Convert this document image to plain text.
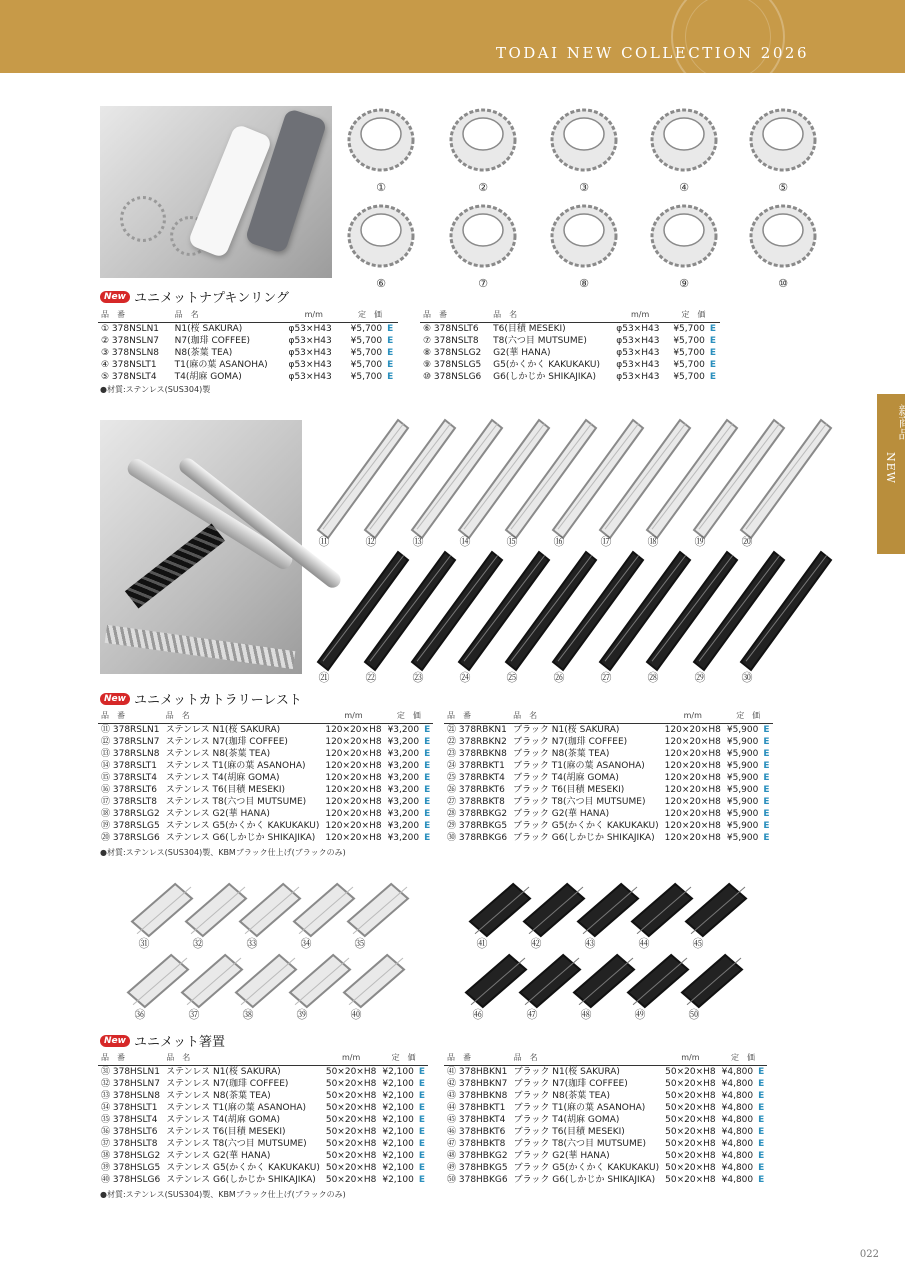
TODAI NEW COLLECTION 2026
新商品
NEW
①	②	③	④	⑤
⑥	⑦	⑧	⑨	⑩
New ユニメットナプキンリング
品　番	品　名	m/m	定　価	
① 378NSLN1	N1(桜 SAKURA)	φ53×H43	¥5,700	E
② 378NSLN7	N7(珈琲 COFFEE)	φ53×H43	¥5,700	E
③ 378NSLN8	N8(茶葉 TEA)	φ53×H43	¥5,700	E
④ 378NSLT1	T1(麻の葉 ASANOHA)	φ53×H43	¥5,700	E
⑤ 378NSLT4	T4(胡麻 GOMA)	φ53×H43	¥5,700	E
品　番	品　名	m/m	定　価	
⑥ 378NSLT6	T6(目積 MESEKI)	φ53×H43	¥5,700	E
⑦ 378NSLT8	T8(六つ目 MUTSUME)	φ53×H43	¥5,700	E
⑧ 378NSLG2	G2(華 HANA)	φ53×H43	¥5,700	E
⑨ 378NSLG5	G5(かくかく KAKUKAKU)	φ53×H43	¥5,700	E
⑩ 378NSLG6	G6(しかじか SHIKAJIKA)	φ53×H43	¥5,700	E
●材質:ステンレス(SUS304)製
⑪	⑫	⑬	⑭	⑮	⑯	⑰	⑱	⑲	⑳
㉑	㉒	㉓	㉔	㉕	㉖	㉗	㉘	㉙	㉚
New ユニメットカトラリーレスト
品　番	品　名	m/m	定　価	
⑪ 378RSLN1	ステンレス N1(桜 SAKURA)	120×20×H8	¥3,200	E
⑫ 378RSLN7	ステンレス N7(珈琲 COFFEE)	120×20×H8	¥3,200	E
⑬ 378RSLN8	ステンレス N8(茶葉 TEA)	120×20×H8	¥3,200	E
⑭ 378RSLT1	ステンレス T1(麻の葉 ASANOHA)	120×20×H8	¥3,200	E
⑮ 378RSLT4	ステンレス T4(胡麻 GOMA)	120×20×H8	¥3,200	E
⑯ 378RSLT6	ステンレス T6(目積 MESEKI)	120×20×H8	¥3,200	E
⑰ 378RSLT8	ステンレス T8(六つ目 MUTSUME)	120×20×H8	¥3,200	E
⑱ 378RSLG2	ステンレス G2(華 HANA)	120×20×H8	¥3,200	E
⑲ 378RSLG5	ステンレス G5(かくかく KAKUKAKU)	120×20×H8	¥3,200	E
⑳ 378RSLG6	ステンレス G6(しかじか SHIKAJIKA)	120×20×H8	¥3,200	E
品　番	品　名	m/m	定　価	
㉑ 378RBKN1	ブラック N1(桜 SAKURA)	120×20×H8	¥5,900	E
㉒ 378RBKN2	ブラック N7(珈琲 COFFEE)	120×20×H8	¥5,900	E
㉓ 378RBKN8	ブラック N8(茶葉 TEA)	120×20×H8	¥5,900	E
㉔ 378RBKT1	ブラック T1(麻の葉 ASANOHA)	120×20×H8	¥5,900	E
㉕ 378RBKT4	ブラック T4(胡麻 GOMA)	120×20×H8	¥5,900	E
㉖ 378RBKT6	ブラック T6(目積 MESEKI)	120×20×H8	¥5,900	E
㉗ 378RBKT8	ブラック T8(六つ目 MUTSUME)	120×20×H8	¥5,900	E
㉘ 378RBKG2	ブラック G2(華 HANA)	120×20×H8	¥5,900	E
㉙ 378RBKG5	ブラック G5(かくかく KAKUKAKU)	120×20×H8	¥5,900	E
㉚ 378RBKG6	ブラック G6(しかじか SHIKAJIKA)	120×20×H8	¥5,900	E
●材質:ステンレス(SUS304)製、KBMブラック仕上げ(ブラックのみ)
㉛
㊱
㊶
㊻
㉜
㊲
㊷
㊼
㉝
㊳
㊸
㊽
㉞
㊴
㊹
㊾
㉟
㊵
㊺
㊿
New ユニメット箸置
品　番	品　名	m/m	定　価	
㉛ 378HSLN1	ステンレス N1(桜 SAKURA)	50×20×H8	¥2,100	E
㉜ 378HSLN7	ステンレス N7(珈琲 COFFEE)	50×20×H8	¥2,100	E
㉝ 378HSLN8	ステンレス N8(茶葉 TEA)	50×20×H8	¥2,100	E
㉞ 378HSLT1	ステンレス T1(麻の葉 ASANOHA)	50×20×H8	¥2,100	E
㉟ 378HSLT4	ステンレス T4(胡麻 GOMA)	50×20×H8	¥2,100	E
㊱ 378HSLT6	ステンレス T6(目積 MESEKI)	50×20×H8	¥2,100	E
㊲ 378HSLT8	ステンレス T8(六つ目 MUTSUME)	50×20×H8	¥2,100	E
㊳ 378HSLG2	ステンレス G2(華 HANA)	50×20×H8	¥2,100	E
㊴ 378HSLG5	ステンレス G5(かくかく KAKUKAKU)	50×20×H8	¥2,100	E
㊵ 378HSLG6	ステンレス G6(しかじか SHIKAJIKA)	50×20×H8	¥2,100	E
品　番	品　名	m/m	定　価	
㊶ 378HBKN1	ブラック N1(桜 SAKURA)	50×20×H8	¥4,800	E
㊷ 378HBKN7	ブラック N7(珈琲 COFFEE)	50×20×H8	¥4,800	E
㊸ 378HBKN8	ブラック N8(茶葉 TEA)	50×20×H8	¥4,800	E
㊹ 378HBKT1	ブラック T1(麻の葉 ASANOHA)	50×20×H8	¥4,800	E
㊺ 378HBKT4	ブラック T4(胡麻 GOMA)	50×20×H8	¥4,800	E
㊻ 378HBKT6	ブラック T6(目積 MESEKI)	50×20×H8	¥4,800	E
㊼ 378HBKT8	ブラック T8(六つ目 MUTSUME)	50×20×H8	¥4,800	E
㊽ 378HBKG2	ブラック G2(華 HANA)	50×20×H8	¥4,800	E
㊾ 378HBKG5	ブラック G5(かくかく KAKUKAKU)	50×20×H8	¥4,800	E
㊿ 378HBKG6	ブラック G6(しかじか SHIKAJIKA)	50×20×H8	¥4,800	E
●材質:ステンレス(SUS304)製、KBMブラック仕上げ(ブラックのみ)
022
